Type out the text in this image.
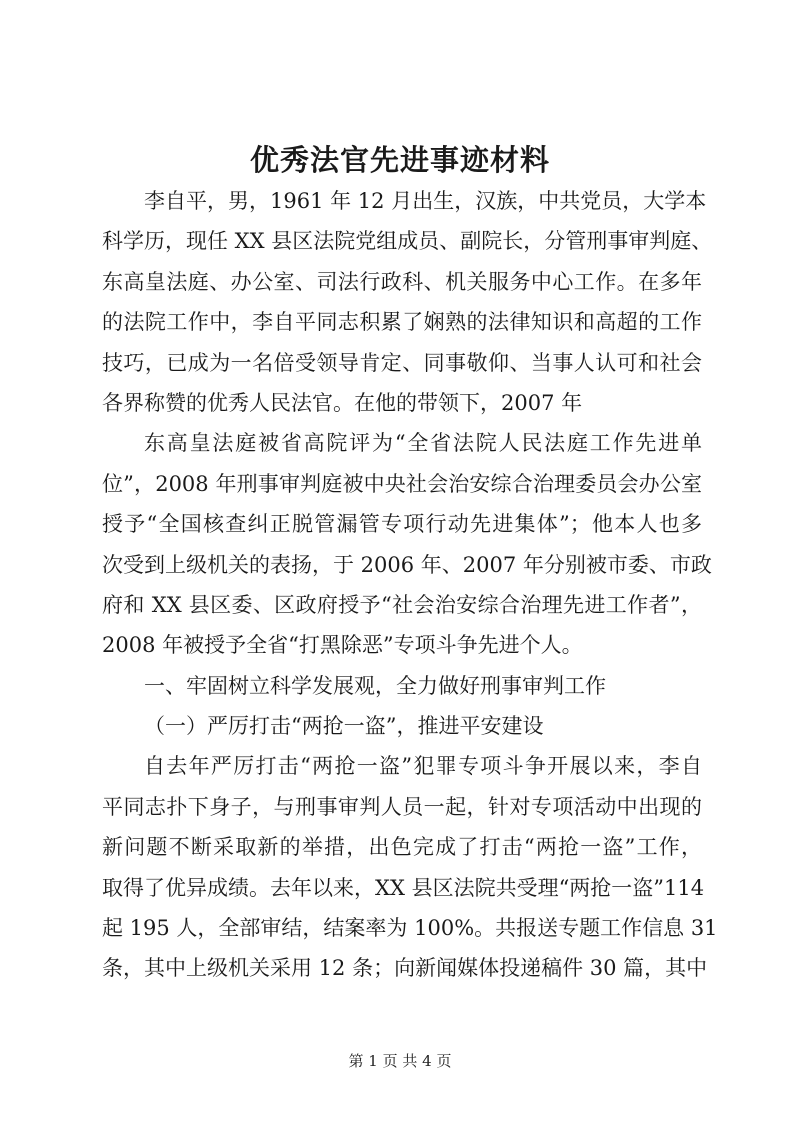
优秀法官先进事迹材料
李自平，男，1961 年 12 月出生，汉族，中共党员，大学本
科学历，现任 XX 县区法院党组成员、副院长，分管刑事审判庭、
东高皇法庭、办公室、司法行政科、机关服务中心工作。在多年
的法院工作中，李自平同志积累了娴熟的法律知识和高超的工作
技巧，已成为一名倍受领导肯定、同事敬仰、当事人认可和社会
各界称赞的优秀人民法官。在他的带领下，2007 年
东高皇法庭被省高院评为“全省法院人民法庭工作先进单
位”，2008 年刑事审判庭被中央社会治安综合治理委员会办公室
授予“全国核查纠正脱管漏管专项行动先进集体”；他本人也多
次受到上级机关的表扬，于 2006 年、2007 年分别被市委、市政
府和 XX 县区委、区政府授予“社会治安综合治理先进工作者”，
2008 年被授予全省“打黑除恶”专项斗争先进个人。
一、牢固树立科学发展观，全力做好刑事审判工作
（一）严厉打击“两抢一盗”，推进平安建设
自去年严厉打击“两抢一盗”犯罪专项斗争开展以来，李自
平同志扑下身子，与刑事审判人员一起，针对专项活动中出现的
新问题不断采取新的举措，出色完成了打击“两抢一盗”工作，
取得了优异成绩。去年以来，XX 县区法院共受理“两抢一盗”114
起 195 人，全部审结，结案率为 100%。共报送专题工作信息 31
条，其中上级机关采用 12 条；向新闻媒体投递稿件 30 篇，其中
第 1 页 共 4 页
